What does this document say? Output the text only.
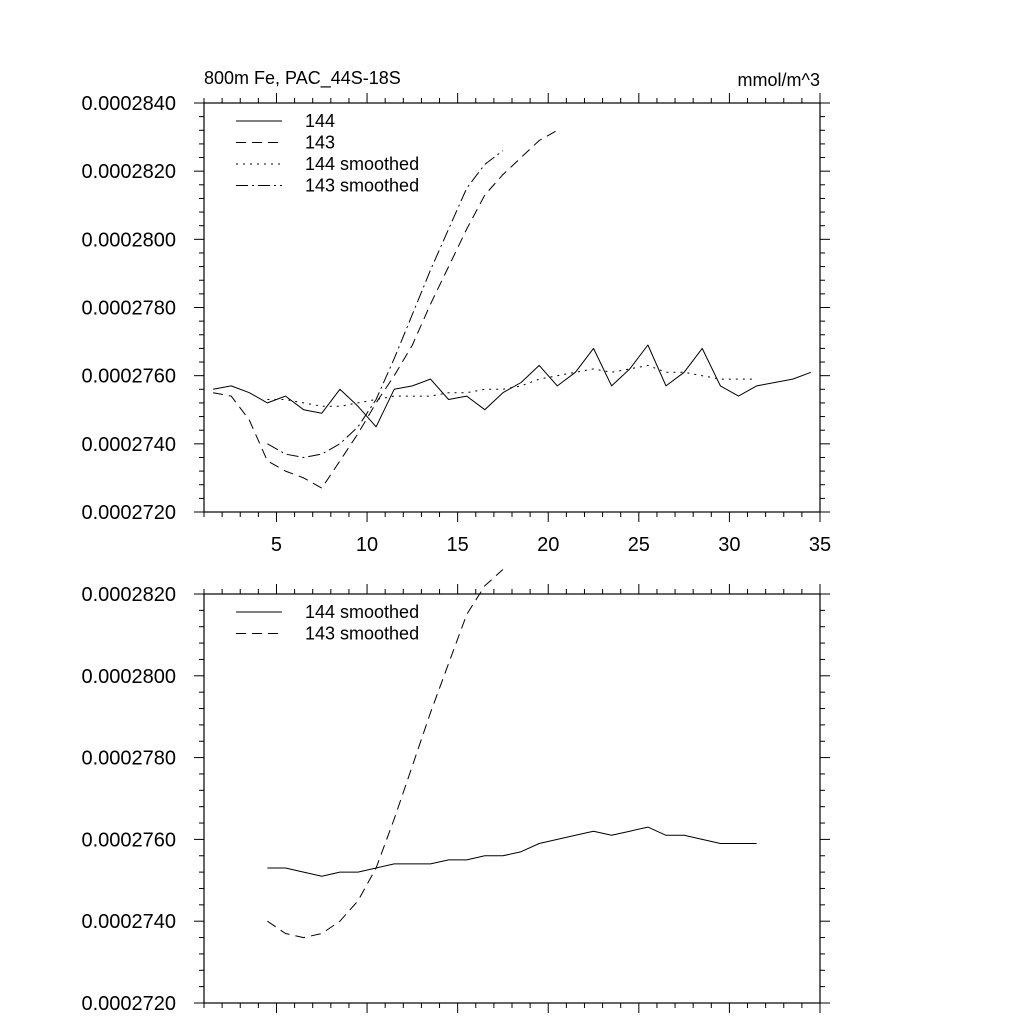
800m Fe, PAC_44S-18S	mmol/m^3
5	10	15	20	25	30	35
0.0002720
0.0002740
0.0002760
0.0002780
0.0002800
0.0002820
0.0002840
144
143
144 smoothed
143 smoothed
0.0002720
0.0002740
0.0002760
0.0002780
0.0002800
0.0002820
144 smoothed
143 smoothed
